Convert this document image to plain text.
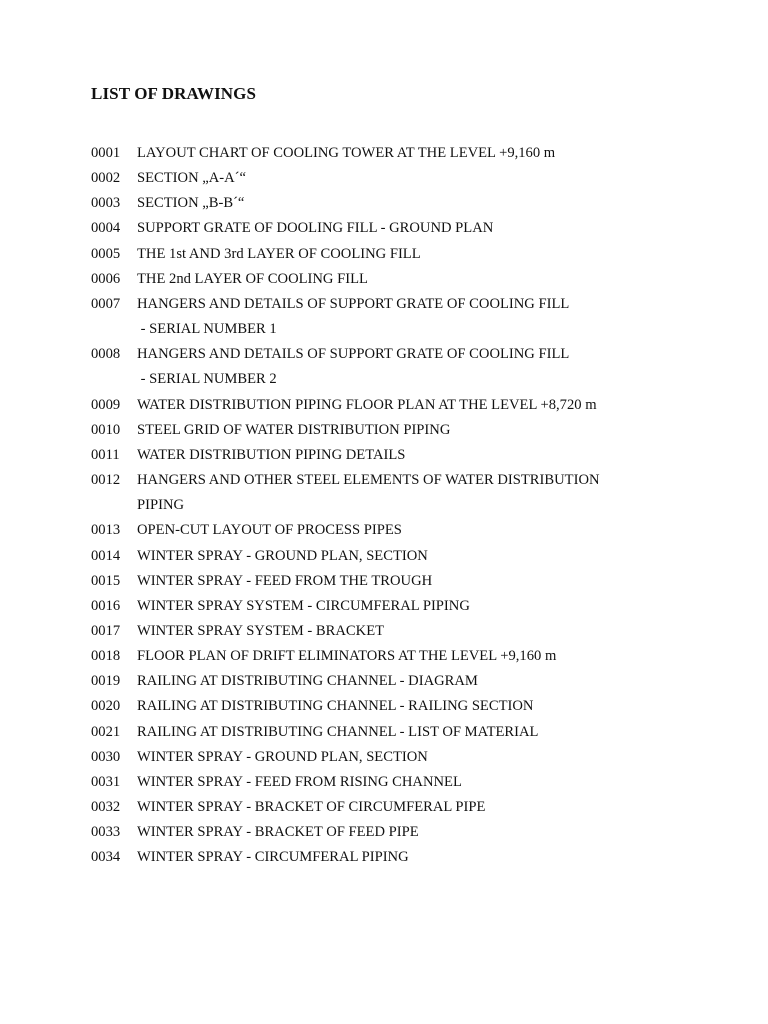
LIST OF DRAWINGS
0001	LAYOUT CHART OF COOLING TOWER AT THE LEVEL +9,160 m
0002	SECTION „A-A´“
0003	SECTION „B-B´“
0004	SUPPORT GRATE OF DOOLING FILL - GROUND PLAN
0005	THE 1st AND 3rd LAYER OF COOLING FILL
0006	THE 2nd LAYER OF COOLING FILL
0007	HANGERS AND DETAILS OF SUPPORT GRATE OF COOLING FILL
- SERIAL NUMBER 1
0008	HANGERS AND DETAILS OF SUPPORT GRATE OF COOLING FILL
- SERIAL NUMBER 2
0009	WATER DISTRIBUTION PIPING FLOOR PLAN AT THE LEVEL +8,720 m
0010	STEEL GRID OF WATER DISTRIBUTION PIPING
0011	WATER DISTRIBUTION PIPING DETAILS
0012	HANGERS AND OTHER STEEL ELEMENTS OF WATER DISTRIBUTION
PIPING
0013	OPEN-CUT LAYOUT OF PROCESS PIPES
0014	WINTER SPRAY - GROUND PLAN, SECTION
0015	WINTER SPRAY - FEED FROM THE TROUGH
0016	WINTER SPRAY SYSTEM - CIRCUMFERAL PIPING
0017	WINTER SPRAY SYSTEM - BRACKET
0018	FLOOR PLAN OF DRIFT ELIMINATORS AT THE LEVEL +9,160 m
0019	RAILING AT DISTRIBUTING CHANNEL - DIAGRAM
0020	RAILING AT DISTRIBUTING CHANNEL - RAILING SECTION
0021	RAILING AT DISTRIBUTING CHANNEL - LIST OF MATERIAL
0030	WINTER SPRAY - GROUND PLAN, SECTION
0031	WINTER SPRAY - FEED FROM RISING CHANNEL
0032	WINTER SPRAY - BRACKET OF CIRCUMFERAL PIPE
0033	WINTER SPRAY - BRACKET OF FEED PIPE
0034	WINTER SPRAY - CIRCUMFERAL PIPING
